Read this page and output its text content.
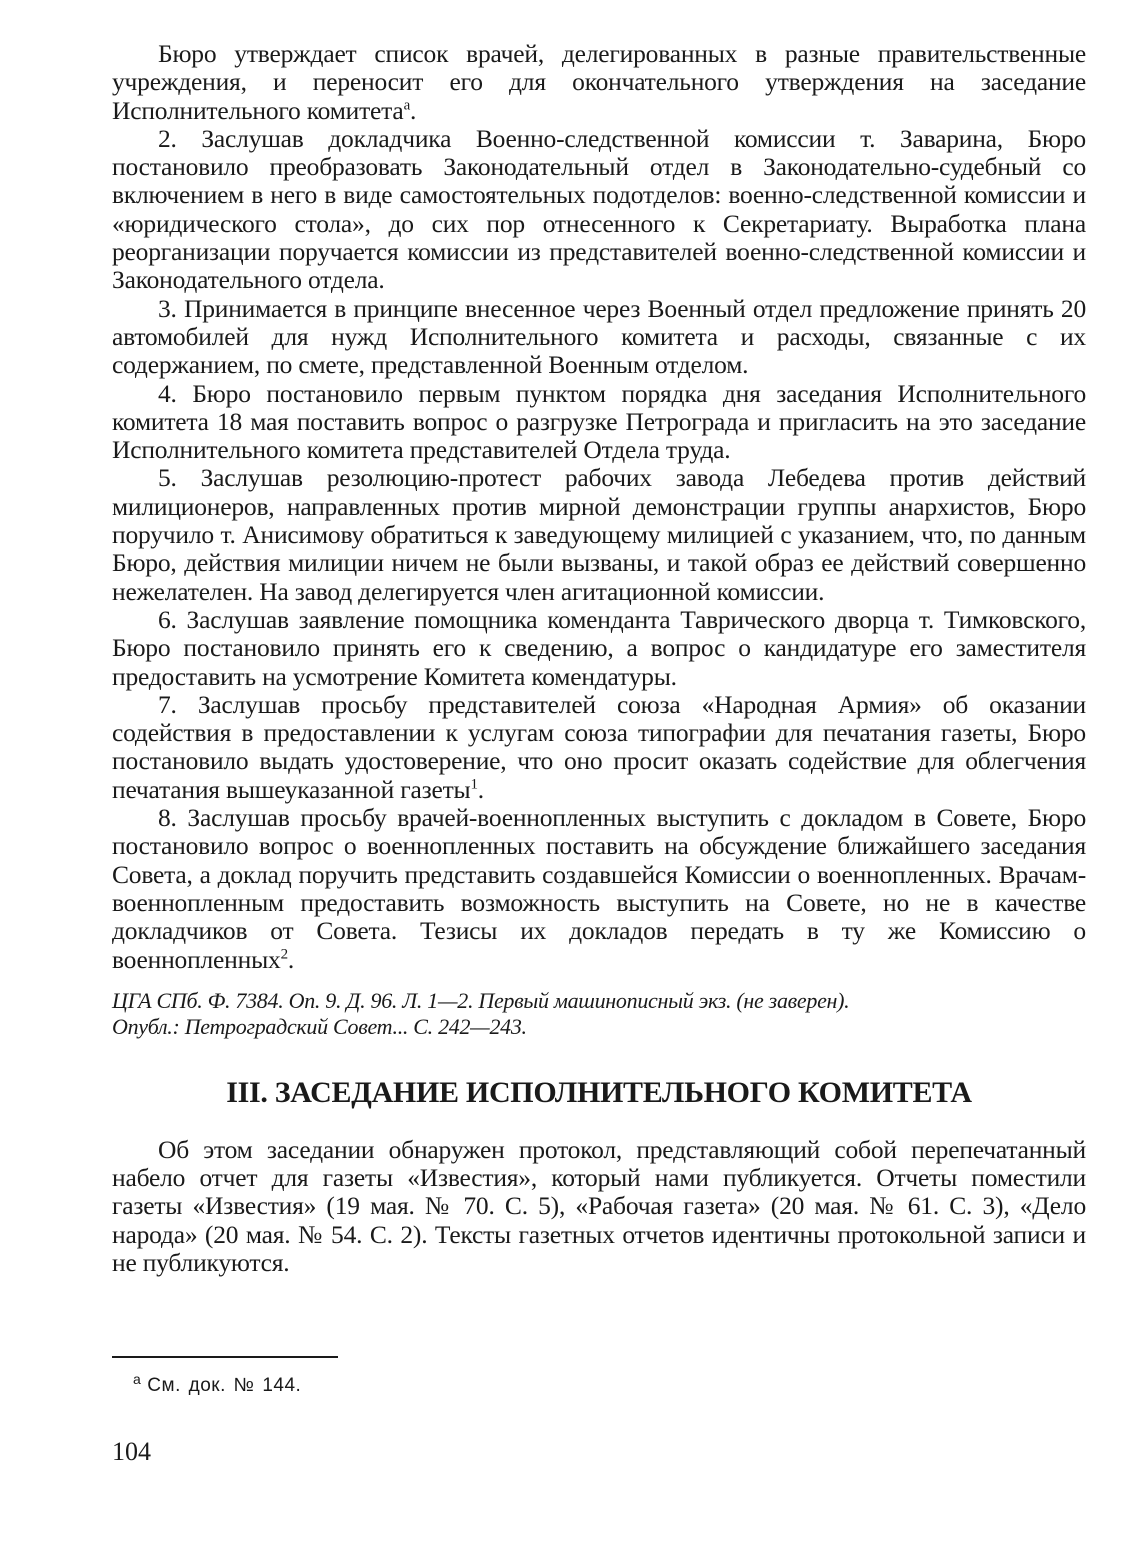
Бюро утверждает список врачей, делегированных в разные правительственные учреждения, и переносит его для окончательного утверждения на заседание Исполнительного комитета$^a$.

2. Заслушав докладчика Военно-следственной комиссии т. Заварина, Бюро постановило преобразовать Законодательный отдел в Законодательно-судебный со включением в него в виде самостоятельных подотделов: военно-следственной комиссии и «юридического стола», до сих пор отнесенного к Секретариату. Выработка плана реорганизации поручается комиссии из представителей военно-следственной комиссии и Законодательного отдела.

3. Принимается в принципе внесенное через Военный отдел предложение принять 20 автомобилей для нужд Исполнительного комитета и расходы, связанные с их содержанием, по смете, представленной Военным отделом.

4. Бюро постановило первым пунктом порядка дня заседания Исполнительного комитета 18 мая поставить вопрос о разгрузке Петрограда и пригласить на это заседание Исполнительного комитета представителей Отдела труда.

5. Заслушав резолюцию-протест рабочих завода Лебедева против действий милиционеров, направленных против мирной демонстрации группы анархистов, Бюро поручило т. Анисимову обратиться к заведующему милицией с указанием, что, по данным Бюро, действия милиции ничем не были вызваны, и такой образ ее действий совершенно нежелателен. На завод делегируется член агитационной комиссии.

6. Заслушав заявление помощника коменданта Таврического дворца т. Тимковского, Бюро постановило принять его к сведению, а вопрос о кандидатуре его заместителя предоставить на усмотрение Комитета комендатуры.

7. Заслушав просьбу представителей союза «Народная Армия» об оказании содействия в предоставлении к услугам союза типографии для печатания газеты, Бюро постановило выдать удостоверение, что оно просит оказать содействие для облегчения печатания вышеуказанной газеты$^1$.

8. Заслушав просьбу врачей-военнопленных выступить с докладом в Совете, Бюро постановило вопрос о военнопленных поставить на обсуждение ближайшего заседания Совета, а доклад поручить представить создавшейся Комиссии о военнопленных. Врачам-военнопленным предоставить возможность выступить на Совете, но не в качестве докладчиков от Совета. Тезисы их докладов передать в ту же Комиссию о военнопленных$^2$.

ЦГА СПб. Ф. 7384. Оп. 9. Д. 96. Л. 1—2. Первый машинописный экз. (не заверен).
Опубл.: Петроградский Совет... С. 242—243.
III. ЗАСЕДАНИЕ ИСПОЛНИТЕЛЬНОГО КОМИТЕТА

Об этом заседании обнаружен протокол, представляющий собой перепечатанный набело отчет для газеты «Известия», который нами публикуется. Отчеты поместили газеты «Известия» (19 мая. № 70. С. 5), «Рабочая газета» (20 мая. № 61. С. 3), «Дело народа» (20 мая. № 54. С. 2). Тексты газетных отчетов идентичны протокольной записи и не публикуются.

$^a$ См. док. № 144.
104
